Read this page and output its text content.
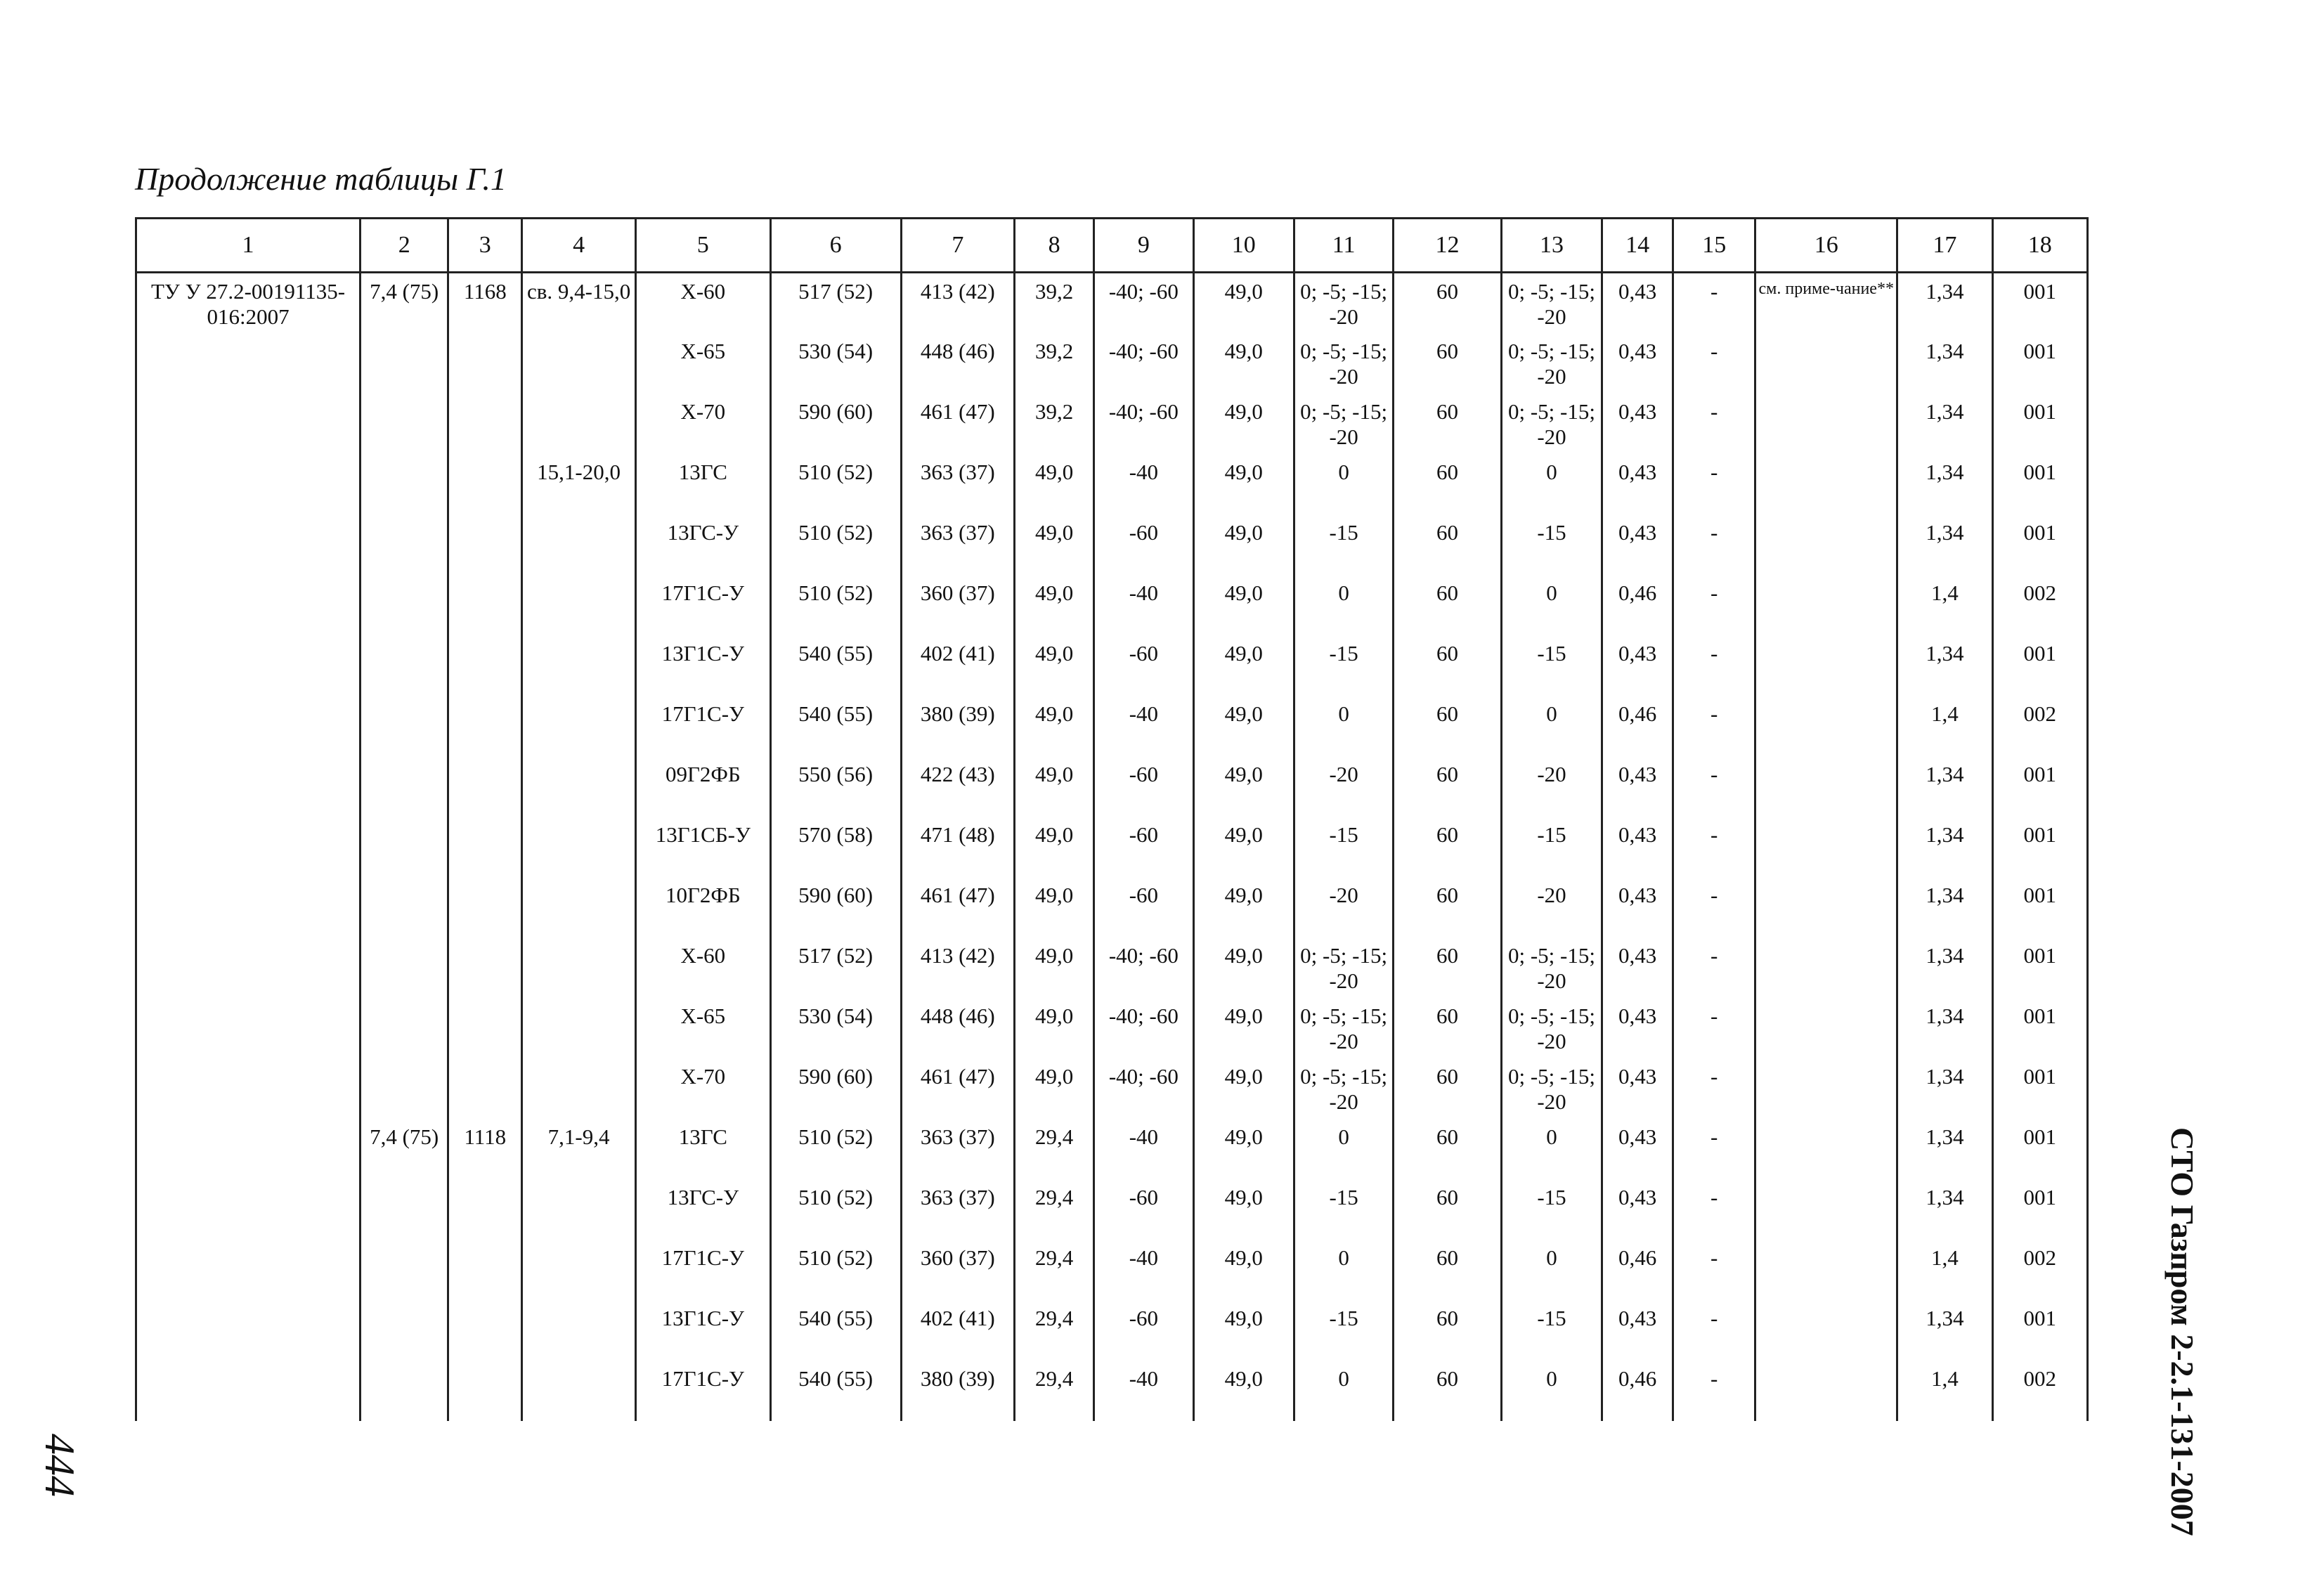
Продолжение таблицы Г.1
1	2	3	4	5	6	7	8	9	10	11	12	13	14	15	16	17	18
ТУ У 27.2-00191135-016:2007	7,4 (75)	1168	св. 9,4-15,0	X-60	517 (52)	413 (42)	39,2	-40; -60	49,0	0; -5; -15; -20	60	0; -5; -15; -20	0,43	-	см. приме-чание**	1,34	001
				X-65	530 (54)	448 (46)	39,2	-40; -60	49,0	0; -5; -15; -20	60	0; -5; -15; -20	0,43	-		1,34	001
				X-70	590 (60)	461 (47)	39,2	-40; -60	49,0	0; -5; -15; -20	60	0; -5; -15; -20	0,43	-		1,34	001
			15,1-20,0	13ГС	510 (52)	363 (37)	49,0	-40	49,0	0	60	0	0,43	-		1,34	001
				13ГС-У	510 (52)	363 (37)	49,0	-60	49,0	-15	60	-15	0,43	-		1,34	001
				17Г1С-У	510 (52)	360 (37)	49,0	-40	49,0	0	60	0	0,46	-		1,4	002
				13Г1С-У	540 (55)	402 (41)	49,0	-60	49,0	-15	60	-15	0,43	-		1,34	001
				17Г1С-У	540 (55)	380 (39)	49,0	-40	49,0	0	60	0	0,46	-		1,4	002
				09Г2ФБ	550 (56)	422 (43)	49,0	-60	49,0	-20	60	-20	0,43	-		1,34	001
				13Г1СБ-У	570 (58)	471 (48)	49,0	-60	49,0	-15	60	-15	0,43	-		1,34	001
				10Г2ФБ	590 (60)	461 (47)	49,0	-60	49,0	-20	60	-20	0,43	-		1,34	001
				X-60	517 (52)	413 (42)	49,0	-40; -60	49,0	0; -5; -15; -20	60	0; -5; -15; -20	0,43	-		1,34	001
				X-65	530 (54)	448 (46)	49,0	-40; -60	49,0	0; -5; -15; -20	60	0; -5; -15; -20	0,43	-		1,34	001
				X-70	590 (60)	461 (47)	49,0	-40; -60	49,0	0; -5; -15; -20	60	0; -5; -15; -20	0,43	-		1,34	001
	7,4 (75)	1118	7,1-9,4	13ГС	510 (52)	363 (37)	29,4	-40	49,0	0	60	0	0,43	-		1,34	001
				13ГС-У	510 (52)	363 (37)	29,4	-60	49,0	-15	60	-15	0,43	-		1,34	001
				17Г1С-У	510 (52)	360 (37)	29,4	-40	49,0	0	60	0	0,46	-		1,4	002
				13Г1С-У	540 (55)	402 (41)	29,4	-60	49,0	-15	60	-15	0,43	-		1,34	001
				17Г1С-У	540 (55)	380 (39)	29,4	-40	49,0	0	60	0	0,46	-		1,4	002	СТО Газпром 2-2.1-131-2007
444
